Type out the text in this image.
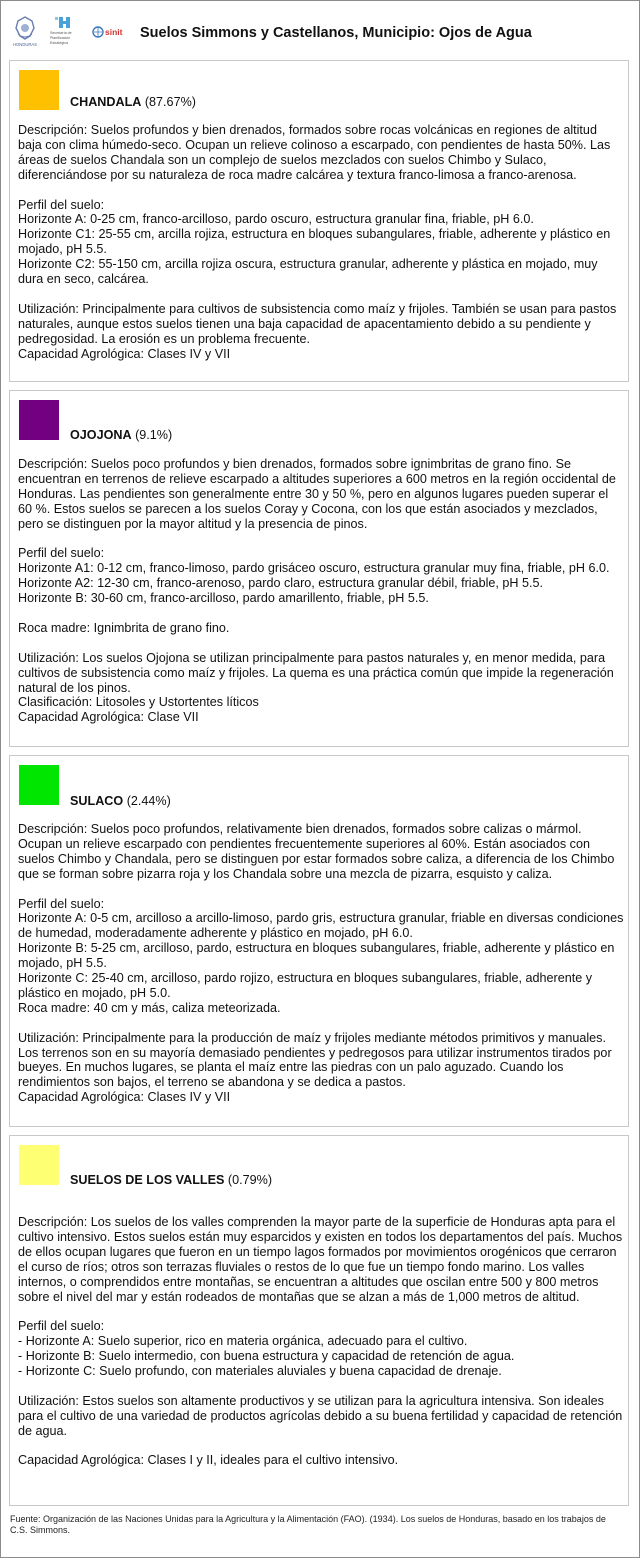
HONDURAS
Secretaría de
Planificación
Estratégica
sinit Suelos Simmons y Castellanos, Municipio: Ojos de Agua
CHANDALA (87.67%)

Descripción: Suelos profundos y bien drenados, formados sobre rocas volcánicas en regiones de altitud baja con clima húmedo-seco. Ocupan un relieve colinoso a escarpado, con pendientes de hasta 50%. Las áreas de suelos Chandala son un complejo de suelos mezclados con suelos Chimbo y Sulaco, diferenciándose por su naturaleza de roca madre calcárea y textura franco-limosa a franco-arenosa.

Perfil del suelo:

Horizonte A: 0-25 cm, franco-arcilloso, pardo oscuro, estructura granular fina, friable, pH 6.0.

Horizonte C1: 25-55 cm, arcilla rojiza, estructura en bloques subangulares, friable, adherente y plástico en mojado, pH 5.5.

Horizonte C2: 55-150 cm, arcilla rojiza oscura, estructura granular, adherente y plástica en mojado, muy dura en seco, calcárea.

Utilización: Principalmente para cultivos de subsistencia como maíz y frijoles. También se usan para pastos naturales, aunque estos suelos tienen una baja capacidad de apacentamiento debido a su pendiente y pedregosidad. La erosión es un problema frecuente.

Capacidad Agrológica: Clases IV y VII

OJOJONA (9.1%)

Descripción: Suelos poco profundos y bien drenados, formados sobre ignimbritas de grano fino. Se encuentran en terrenos de relieve escarpado a altitudes superiores a 600 metros en la región occidental de Honduras. Las pendientes son generalmente entre 30 y 50 %, pero en algunos lugares pueden superar el 60 %. Estos suelos se parecen a los suelos Coray y Cocona, con los que están asociados y mezclados, pero se distinguen por la mayor altitud y la presencia de pinos.

Perfil del suelo:

Horizonte A1: 0-12 cm, franco-limoso, pardo grisáceo oscuro, estructura granular muy fina, friable, pH 6.0.

Horizonte A2: 12-30 cm, franco-arenoso, pardo claro, estructura granular débil, friable, pH 5.5.

Horizonte B: 30-60 cm, franco-arcilloso, pardo amarillento, friable, pH 5.5.

Roca madre: Ignimbrita de grano fino.

Utilización: Los suelos Ojojona se utilizan principalmente para pastos naturales y, en menor medida, para cultivos de subsistencia como maíz y frijoles. La quema es una práctica común que impide la regeneración natural de los pinos.

Clasificación: Litosoles y Ustortentes líticos

Capacidad Agrológica: Clase VII

SULACO (2.44%)

Descripción: Suelos poco profundos, relativamente bien drenados, formados sobre calizas o mármol. Ocupan un relieve escarpado con pendientes frecuentemente superiores al 60%. Están asociados con suelos Chimbo y Chandala, pero se distinguen por estar formados sobre caliza, a diferencia de los Chimbo que se forman sobre pizarra roja y los Chandala sobre una mezcla de pizarra, esquisto y caliza.

Perfil del suelo:

Horizonte A: 0-5 cm, arcilloso a arcillo-limoso, pardo gris, estructura granular, friable en diversas condiciones de humedad, moderadamente adherente y plástico en mojado, pH 6.0.

Horizonte B: 5-25 cm, arcilloso, pardo, estructura en bloques subangulares, friable, adherente y plástico en mojado, pH 5.5.

Horizonte C: 25-40 cm, arcilloso, pardo rojizo, estructura en bloques subangulares, friable, adherente y plástico en mojado, pH 5.0.

Roca madre: 40 cm y más, caliza meteorizada.

Utilización: Principalmente para la producción de maíz y frijoles mediante métodos primitivos y manuales. Los terrenos son en su mayoría demasiado pendientes y pedregosos para utilizar instrumentos tirados por bueyes. En muchos lugares, se planta el maíz entre las piedras con un palo aguzado. Cuando los rendimientos son bajos, el terreno se abandona y se dedica a pastos.

Capacidad Agrológica: Clases IV y VII

SUELOS DE LOS VALLES (0.79%)

Descripción: Los suelos de los valles comprenden la mayor parte de la superficie de Honduras apta para el cultivo intensivo. Estos suelos están muy esparcidos y existen en todos los departamentos del país. Muchos de ellos ocupan lugares que fueron en un tiempo lagos formados por movimientos orogénicos que cerraron el curso de ríos; otros son terrazas fluviales o restos de lo que fue un tiempo fondo marino. Los valles internos, o comprendidos entre montañas, se encuentran a altitudes que oscilan entre 500 y 800 metros sobre el nivel del mar y están rodeados de montañas que se alzan a más de 1,000 metros de altitud.

Perfil del suelo:

- Horizonte A: Suelo superior, rico en materia orgánica, adecuado para el cultivo.

- Horizonte B: Suelo intermedio, con buena estructura y capacidad de retención de agua.

- Horizonte C: Suelo profundo, con materiales aluviales y buena capacidad de drenaje.

Utilización: Estos suelos son altamente productivos y se utilizan para la agricultura intensiva. Son ideales para el cultivo de una variedad de productos agrícolas debido a su buena fertilidad y capacidad de retención de agua.

Capacidad Agrológica: Clases I y II, ideales para el cultivo intensivo.

Fuente: Organización de las Naciones Unidas para la Agricultura y la Alimentación (FAO). (1934). Los suelos de Honduras, basado en los trabajos de C.S. Simmons.
